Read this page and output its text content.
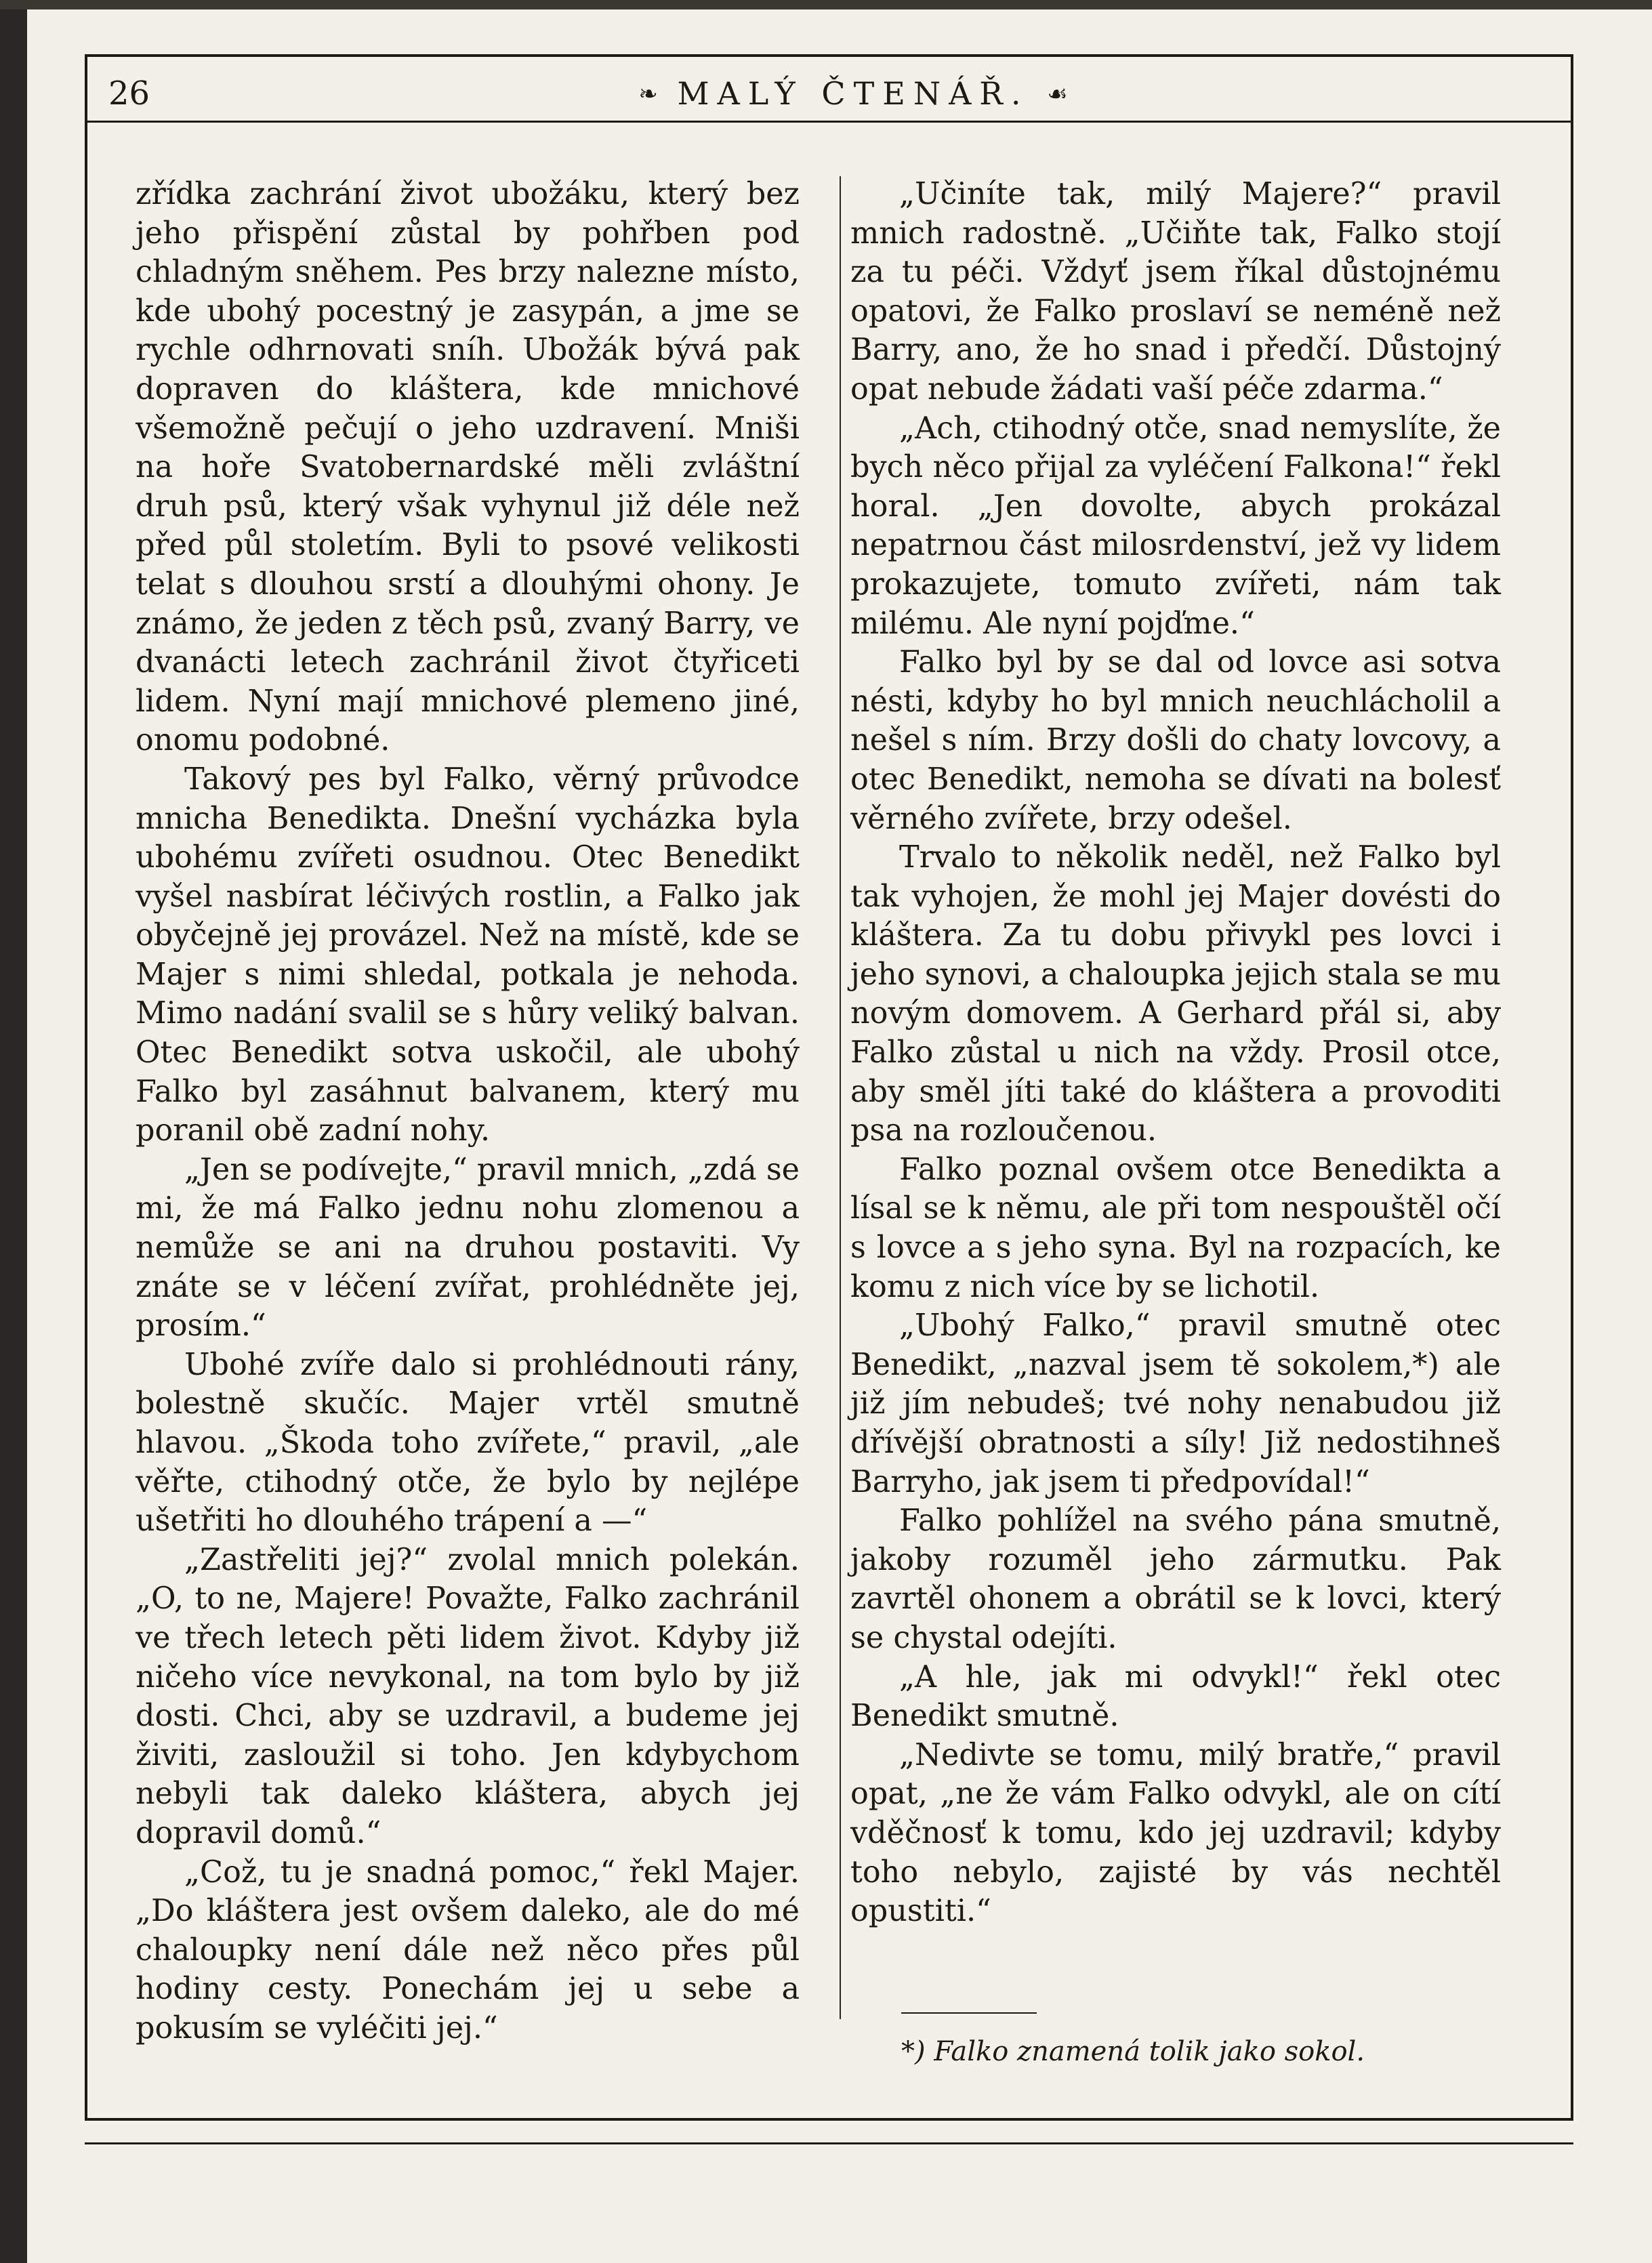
26	❧ MALÝ ČTENÁŘ. ☙

zřídka zachrání život ubožáku, který bez jeho přispění zůstal by pohřben pod chladným sněhem. Pes brzy nalezne místo, kde ubohý pocestný je zasypán, a jme se rychle odhrnovati sníh. Ubožák bývá pak dopraven do kláštera, kde mnichové všemožně pečují o jeho uzdravení. Mniši na hoře Svatobernardské měli zvláštní druh psů, který však vyhynul již déle než před půl stoletím. Byli to psové velikosti telat s dlouhou srstí a dlouhými ohony. Je známo, že jeden z těch psů, zvaný Barry, ve dvanácti letech zachránil život čtyřiceti lidem. Nyní mají mnichové plemeno jiné, onomu podobné.

Takový pes byl Falko, věrný průvodce mnicha Benedikta. Dnešní vycházka byla ubohému zvířeti osudnou. Otec Benedikt vyšel nasbírat léčivých rostlin, a Falko jak obyčejně jej provázel. Než na místě, kde se Majer s nimi shledal, potkala je nehoda. Mimo nadání svalil se s hůry veliký balvan. Otec Benedikt sotva uskočil, ale ubohý Falko byl zasáhnut balvanem, který mu poranil obě zadní nohy.

„Jen se podívejte,“ pravil mnich, „zdá se mi, že má Falko jednu nohu zlomenou a nemůže se ani na druhou postaviti. Vy znáte se v léčení zvířat, prohlédněte jej, prosím.“

Ubohé zvíře dalo si prohlédnouti rány, bolestně skučíc. Majer vrtěl smutně hlavou. „Škoda toho zvířete,“ pravil, „ale věřte, ctihodný otče, že bylo by nejlépe ušetřiti ho dlouhého trápení a —“

„Zastřeliti jej?“ zvolal mnich polekán. „O, to ne, Majere! Považte, Falko zachránil ve třech letech pěti lidem život. Kdyby již ničeho více nevykonal, na tom bylo by již dosti. Chci, aby se uzdravil, a budeme jej živiti, zasloužil si toho. Jen kdybychom nebyli tak daleko kláštera, abych jej dopravil domů.“

„Což, tu je snadná pomoc,“ řekl Majer. „Do kláštera jest ovšem daleko, ale do mé chaloupky není dále než něco přes půl hodiny cesty. Ponechám jej u sebe a pokusím se vyléčiti jej.“

„Učiníte tak, milý Majere?“ pravil mnich radostně. „Učiňte tak, Falko stojí za tu péči. Vždyť jsem říkal důstojnému opatovi, že Falko proslaví se neméně než Barry, ano, že ho snad i předčí. Důstojný opat nebude žádati vaší péče zdarma.“

„Ach, ctihodný otče, snad nemyslíte, že bych něco přijal za vyléčení Falkona!“ řekl horal. „Jen dovolte, abych prokázal nepatrnou část milosrdenství, jež vy lidem prokazujete, tomuto zvířeti, nám tak milému. Ale nyní pojďme.“

Falko byl by se dal od lovce asi sotva nésti, kdyby ho byl mnich neuchlácholil a nešel s ním. Brzy došli do chaty lovcovy, a otec Benedikt, nemoha se dívati na bolesť věrného zvířete, brzy odešel.

Trvalo to několik neděl, než Falko byl tak vyhojen, že mohl jej Majer dovésti do kláštera. Za tu dobu přivykl pes lovci i jeho synovi, a chaloupka jejich stala se mu novým domovem. A Gerhard přál si, aby Falko zůstal u nich na vždy. Prosil otce, aby směl jíti také do kláštera a provoditi psa na rozloučenou.

Falko poznal ovšem otce Benedikta a lísal se k němu, ale při tom nespouštěl očí s lovce a s jeho syna. Byl na rozpacích, ke komu z nich více by se lichotil.

„Ubohý Falko,“ pravil smutně otec Benedikt, „nazval jsem tě sokolem,*) ale již jím nebudeš; tvé nohy nenabudou již dřívější obratnosti a síly! Již nedostihneš Barryho, jak jsem ti předpovídal!“

Falko pohlížel na svého pána smutně, jakoby rozuměl jeho zármutku. Pak zavrtěl ohonem a obrátil se k lovci, který se chystal odejíti.

„A hle, jak mi odvykl!“ řekl otec Benedikt smutně.

„Nedivte se tomu, milý bratře,“ pravil opat, „ne že vám Falko odvykl, ale on cítí vděčnosť k tomu, kdo jej uzdravil; kdyby toho nebylo, zajisté by vás nechtěl opustiti.“

*) Falko znamená tolik jako sokol.
